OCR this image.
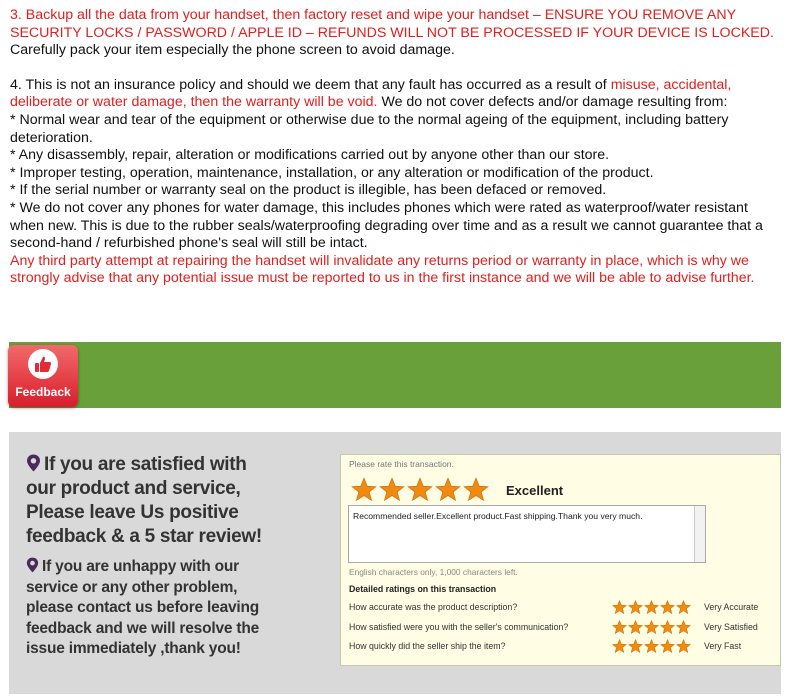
3. Backup all the data from your handset, then factory reset and wipe your handset – ENSURE YOU REMOVE ANY SECURITY LOCKS / PASSWORD / APPLE ID – REFUNDS WILL NOT BE PROCESSED IF YOUR DEVICE IS LOCKED. Carefully pack your item especially the phone screen to avoid damage.

4. This is not an insurance policy and should we deem that any fault has occurred as a result of misuse, accidental, deliberate or water damage, then the warranty will be void. We do not cover defects and/or damage resulting from:

* Normal wear and tear of the equipment or otherwise due to the normal ageing of the equipment, including battery deterioration.

* Any disassembly, repair, alteration or modifications carried out by anyone other than our store.

* Improper testing, operation, maintenance, installation, or any alteration or modification of the product.

* If the serial number or warranty seal on the product is illegible, has been defaced or removed.

* We do not cover any phones for water damage, this includes phones which were rated as waterproof/water resistant when new. This is due to the rubber seals/waterproofing degrading over time and as a result we cannot guarantee that a second-hand / refurbished phone's seal will still be intact.

Any third party attempt at repairing the handset will invalidate any returns period or warranty in place, which is why we strongly advise that any potential issue must be reported to us in the first instance and we will be able to advise further.

Feedback
If you are satisfied with our product and service, Please leave Us positive feedback & a 5 star review!
If you are unhappy with our service or any other problem, please contact us before leaving feedback and we will resolve the issue immediately ,thank you!
Please rate this transaction.
Excellent
Recommended seller.Excellent product.Fast shipping.Thank you very much.
English characters only, 1,000 characters left.
Detailed ratings on this transaction
How accurate was the product description?	Very Accurate
How satisfied were you with the seller's communication?	Very Satisfied
How quickly did the seller ship the item?	Very Fast
